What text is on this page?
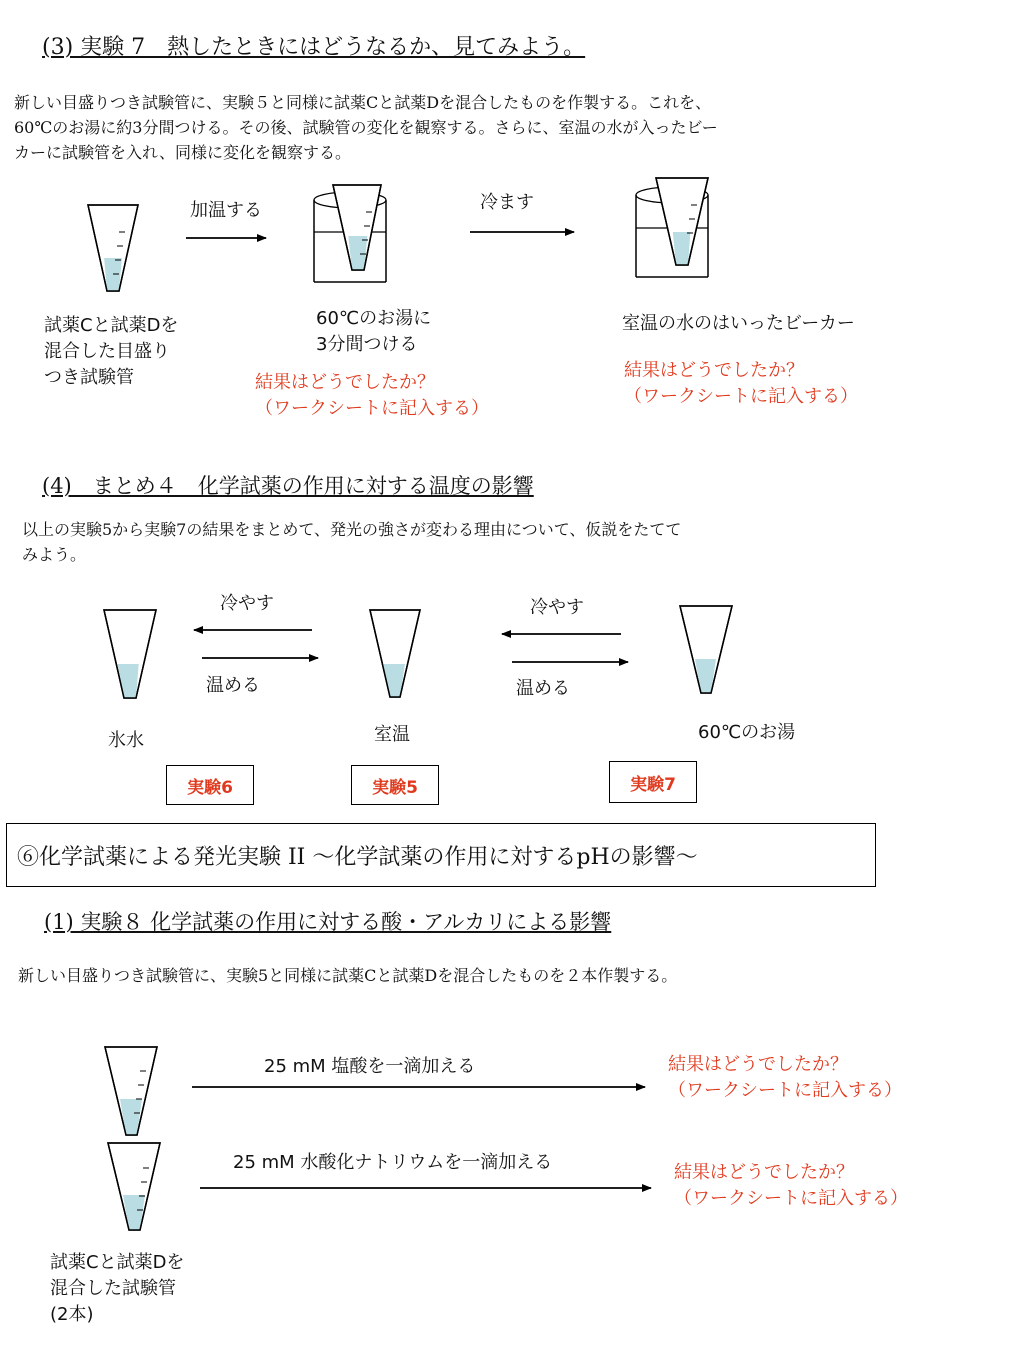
(3) 実験 7　熱したときにはどうなるか、見てみよう。
新しい目盛りつき試験管に、実験５と同様に試薬Cと試薬Dを混合したものを作製する。これを、
60℃のお湯に約3分間つける。その後、試験管の変化を観察する。さらに、室温の水が入ったビー
カーに試験管を入れ、同様に変化を観察する。
加温する	冷ます
試薬Cと試薬Dを
混合した目盛り
つき試験管
60℃のお湯に
3分間つける
室温の水のはいったビーカー
結果はどうでしたか？
（ワークシートに記入する）
結果はどうでしたか？
（ワークシートに記入する）
(4)　まとめ４　化学試薬の作用に対する温度の影響
以上の実験5から実験7の結果をまとめて、発光の強さが変わる理由について、仮説をたてて
みよう。
冷やす
温める
冷やす
温める
氷水	室温	60℃のお湯
実験6	実験5	実験7
⑥化学試薬による発光実験 II ～化学試薬の作用に対するpHの影響～
(1) 実験８ 化学試薬の作用に対する酸・アルカリによる影響
新しい目盛りつき試験管に、実験5と同様に試薬Cと試薬Dを混合したものを２本作製する。
25 mM 塩酸を一滴加える
25 mM 水酸化ナトリウムを一滴加える
結果はどうでしたか？
（ワークシートに記入する）
結果はどうでしたか？
（ワークシートに記入する）
試薬Cと試薬Dを
混合した試験管
(2本)
